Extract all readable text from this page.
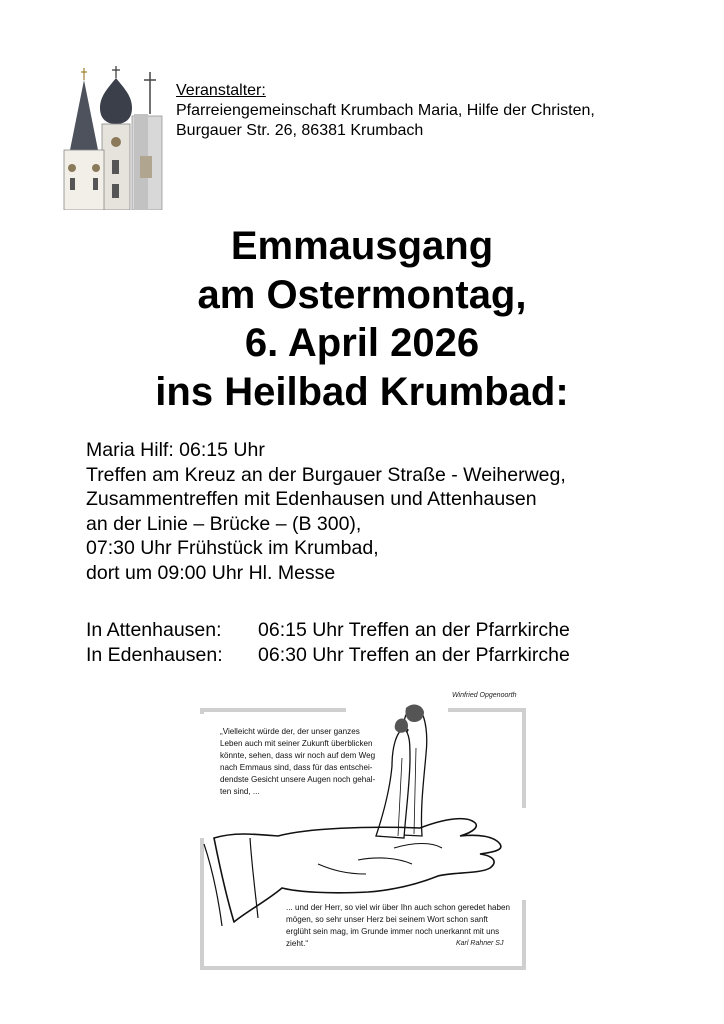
Veranstalter:
Pfarreiengemeinschaft Krumbach Maria, Hilfe der Christen,
Burgauer Str. 26, 86381 Krumbach
Emmausgang
am Ostermontag,
6. April 2026
ins Heilbad Krumbad:
Maria Hilf: 06:15 Uhr
Treffen am Kreuz an der Burgauer Straße - Weiherweg,
Zusammentreffen mit Edenhausen und Attenhausen
an der Linie – Brücke – (B 300),
07:30 Uhr Frühstück im Krumbad,
dort um 09:00 Uhr Hl. Messe
In Attenhausen:	06:15 Uhr Treffen an der Pfarrkirche
In Edenhausen:	06:30 Uhr Treffen an der Pfarrkirche
Winfried Opgenoorth
„Vielleicht würde der, der unser ganzes Leben auch mit seiner Zukunft überblicken könnte, sehen, dass wir noch auf dem Weg nach Emmaus sind, dass für das entschei-dendste Gesicht unsere Augen noch gehal-ten sind, ...
... und der Herr, so viel wir über Ihn auch schon geredet haben mögen, so sehr unser Herz bei seinem Wort schon sanft erglüht sein mag, im Grunde immer noch unerkannt mit uns zieht.“	Karl Rahner SJ
